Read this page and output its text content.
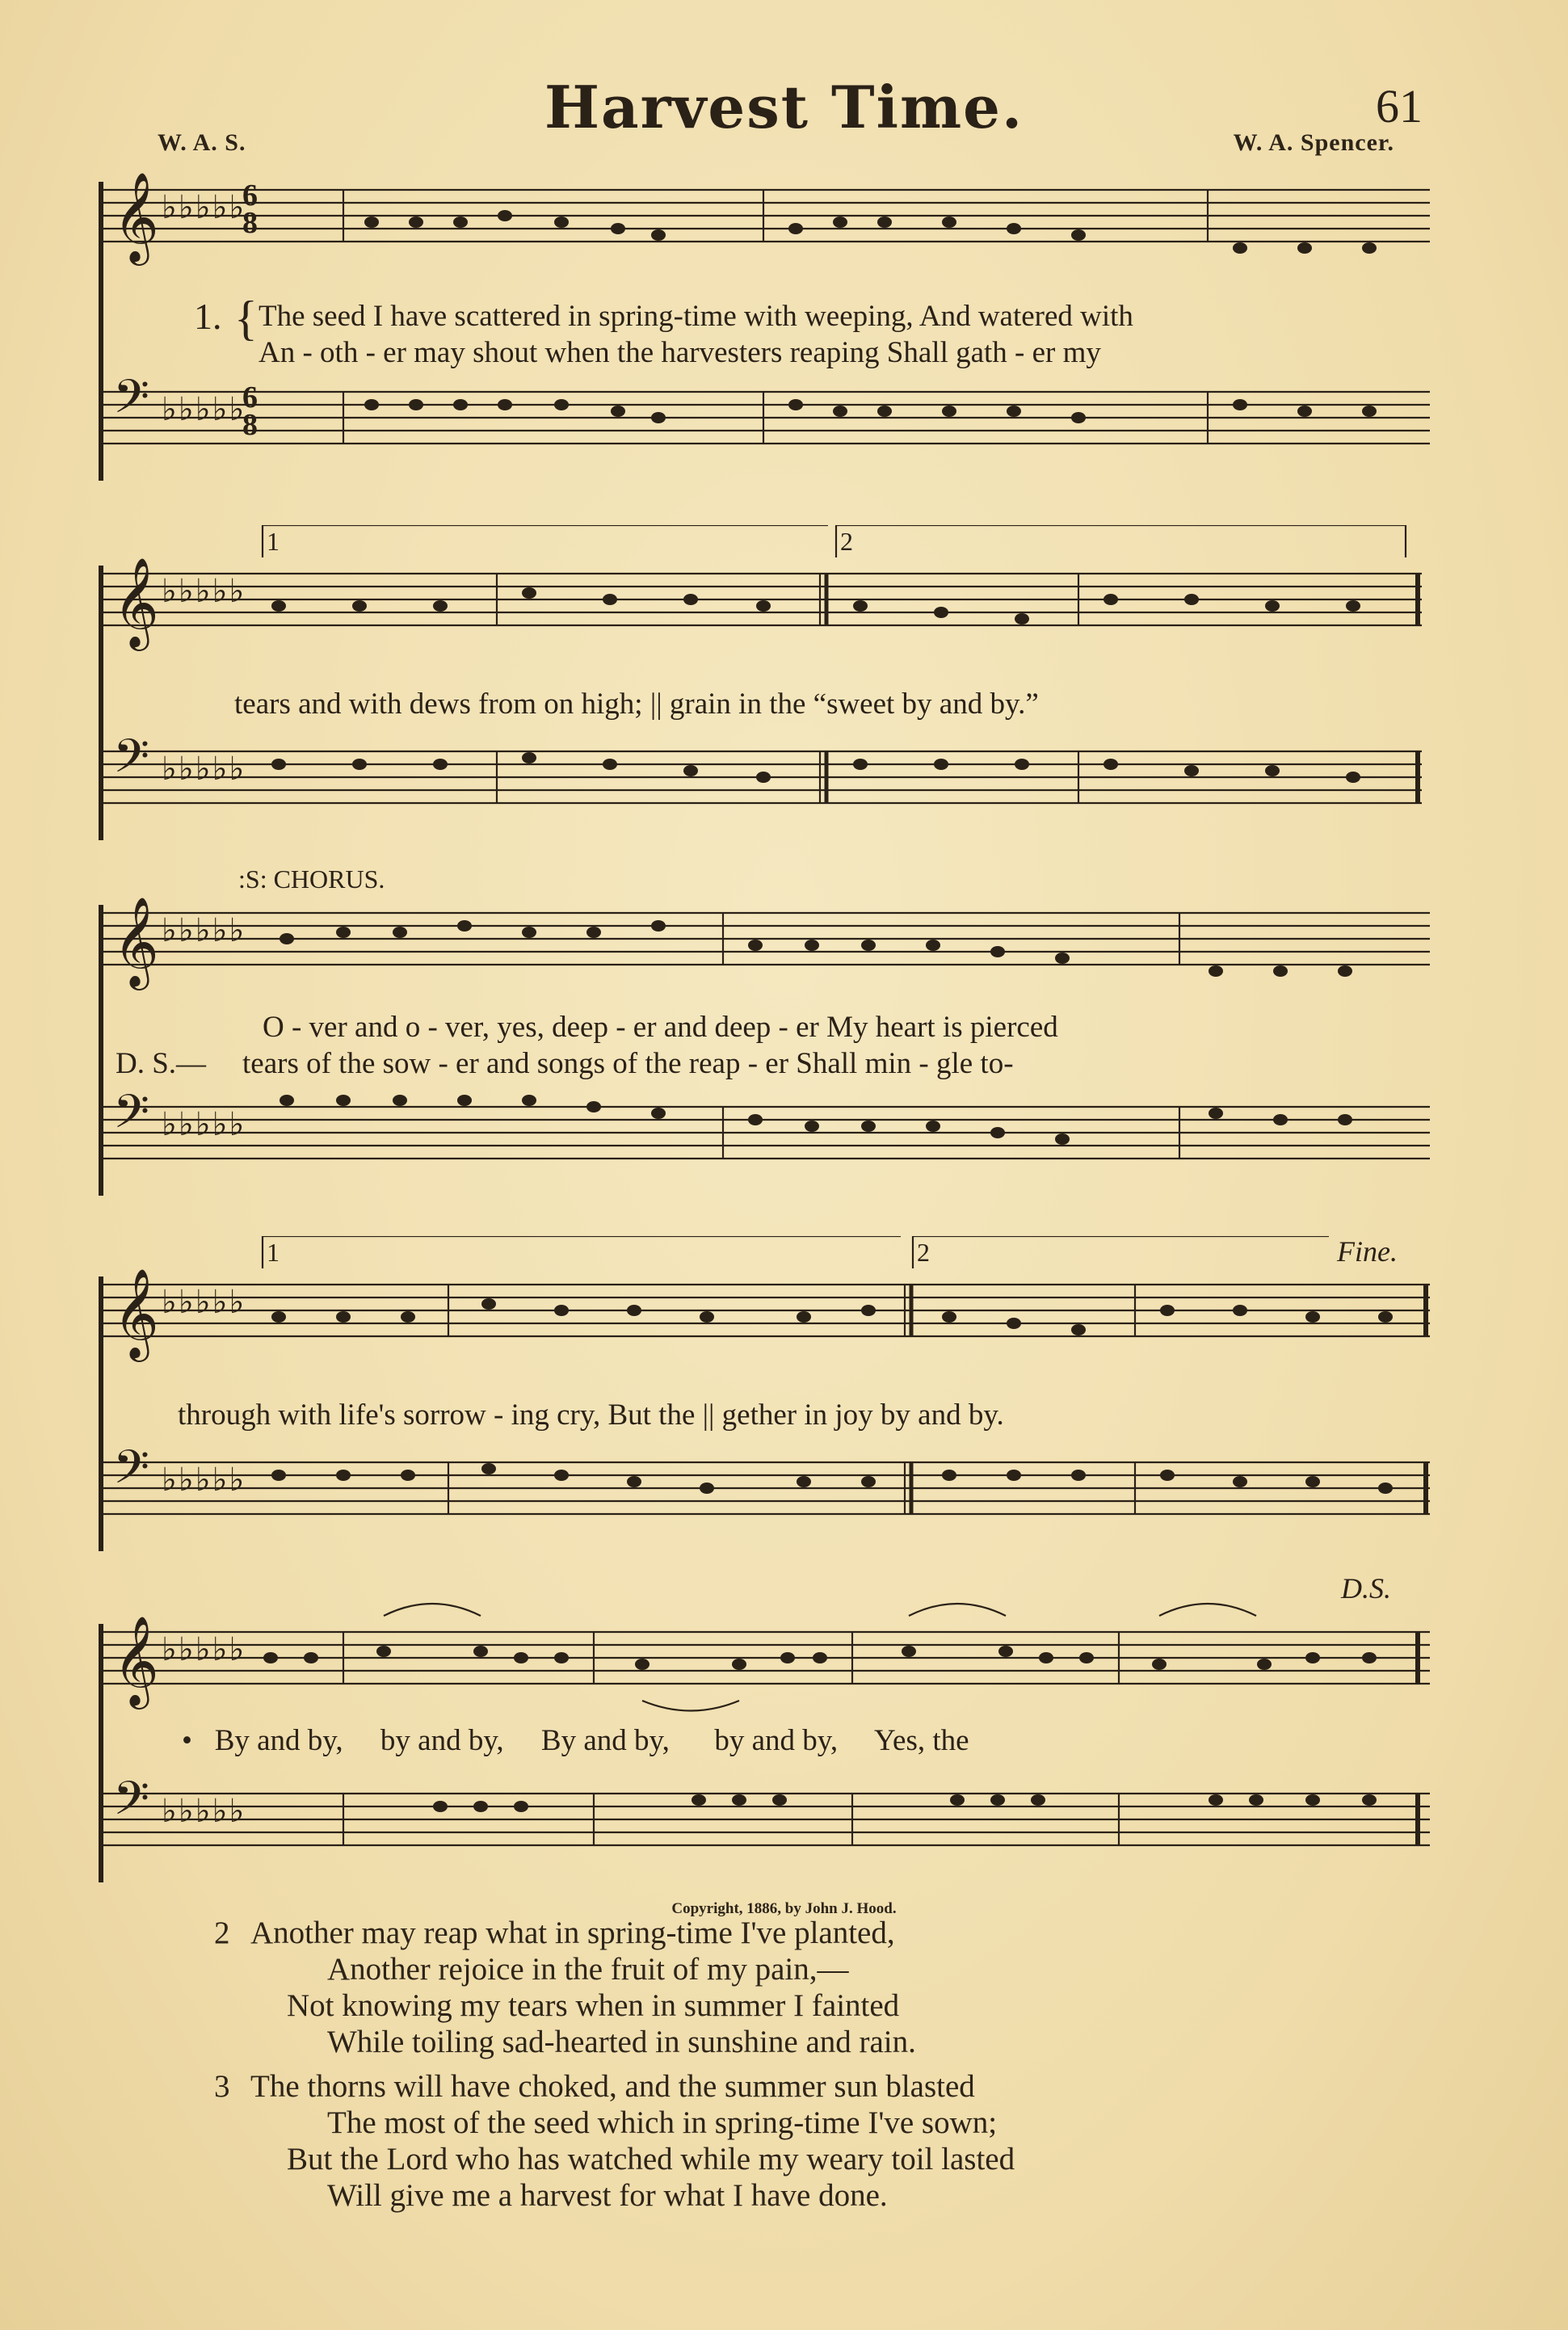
Harvest Time.	61
W. A. S.	W. A. Spencer.
𝄞
𝄢
♭♭♭♭♭
♭♭♭♭♭
6
8
6
8
1. { The seed I have scattered in spring-time with weeping, And watered with
An - oth - er may shout when the harvesters reaping Shall gath - er my
1	2
𝄞
𝄢
♭♭♭♭♭
♭♭♭♭♭
tears and with dews from on high; || grain in the “sweet by and by.”
:S: CHORUS.
𝄞
𝄢
♭♭♭♭♭
♭♭♭♭♭
O - ver and o - ver, yes, deep - er and deep - er My heart is pierced
D. S.— tears of the sow - er and songs of the reap - er Shall min - gle to-
1	2	Fine.
𝄞
𝄢
♭♭♭♭♭
♭♭♭♭♭
through with life's sorrow - ing cry, But the || gether in joy by and by.
D.S.
𝄞
𝄢
♭♭♭♭♭
♭♭♭♭♭
•   By and by,     by and by,     By and by,      by and by,     Yes, the
Copyright, 1886, by John J. Hood.
2 Another may reap what in spring-time I've planted,
Another rejoice in the fruit of my pain,—
Not knowing my tears when in summer I fainted
While toiling sad-hearted in sunshine and rain.
3 The thorns will have choked, and the summer sun blasted
The most of the seed which in spring-time I've sown;
But the Lord who has watched while my weary toil lasted
Will give me a harvest for what I have done.
